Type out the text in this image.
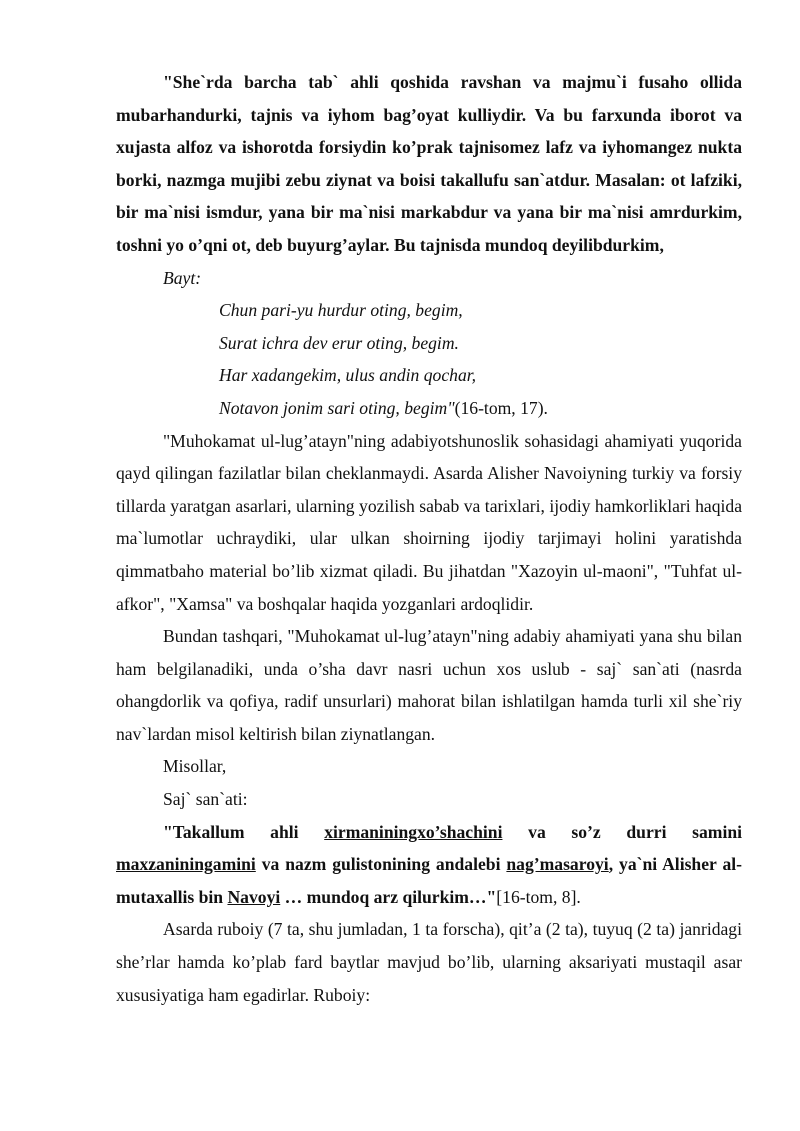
"She`rda barcha tab` ahli qoshida ravshan va majmu`i fusaho ollida mubarhandurki, tajnis va iyhom bag’oyat kulliydir. Va bu farxunda iborot va xujasta alfoz va ishorotda forsiydin ko’prak tajnisomez lafz va iyhomangez nukta borki, nazmga mujibi zebu ziynat va boisi takallufu san`atdur. Masalan: ot lafziki, bir ma`nisi ismdur, yana bir ma`nisi markabdur va yana bir ma`nisi amrdurkim, toshni yo o’qni ot, deb buyurg’aylar. Bu tajnisda mundoq deyilibdurkim,

Bayt:

Chun pari-yu hurdur oting, begim,

Surat ichra dev erur oting, begim.

Har xadangekim, ulus andin qochar,

Notavon jonim sari oting, begim"(16-tom, 17).

"Muhokamat ul-lug’atayn"ning adabiyotshunoslik sohasidagi ahamiyati yuqorida qayd qilingan fazilatlar bilan cheklanmaydi. Asarda Alisher Navoiyning turkiy va forsiy tillarda yaratgan asarlari, ularning yozilish sabab va tarixlari, ijodiy hamkorliklari haqida ma`lumotlar uchraydiki, ular ulkan shoirning ijodiy tarjimayi holini yaratishda qimmatbaho material bo’lib xizmat qiladi. Bu jihatdan "Xazoyin ul-maoni", "Tuhfat ul-afkor", "Xamsa" va boshqalar haqida yozganlari ardoqlidir.

Bundan tashqari, "Muhokamat ul-lug’atayn"ning adabiy ahamiyati yana shu bilan ham belgilanadiki, unda o’sha davr nasri uchun xos uslub - saj` san`ati (nasrda ohangdorlik va qofiya, radif unsurlari) mahorat bilan ishlatilgan hamda turli xil she`riy nav`lardan misol keltirish bilan ziynatlangan.

Misollar,

Saj` san`ati:

"Takallum ahli xirmaniningxo’shachini va so’z durri samini maxzaniningamini va nazm gulistonining andalebi nag’masaroyi, ya`ni Alisher al-mutaxallis bin Navoyi … mundoq arz qilurkim…"[16-tom, 8].

Asarda ruboiy (7 ta, shu jumladan, 1 ta forscha), qit’a (2 ta), tuyuq (2 ta) janridagi she’rlar hamda ko’plab fard baytlar mavjud bo’lib, ularning aksariyati mustaqil asar xususiyatiga ham egadirlar. Ruboiy:
